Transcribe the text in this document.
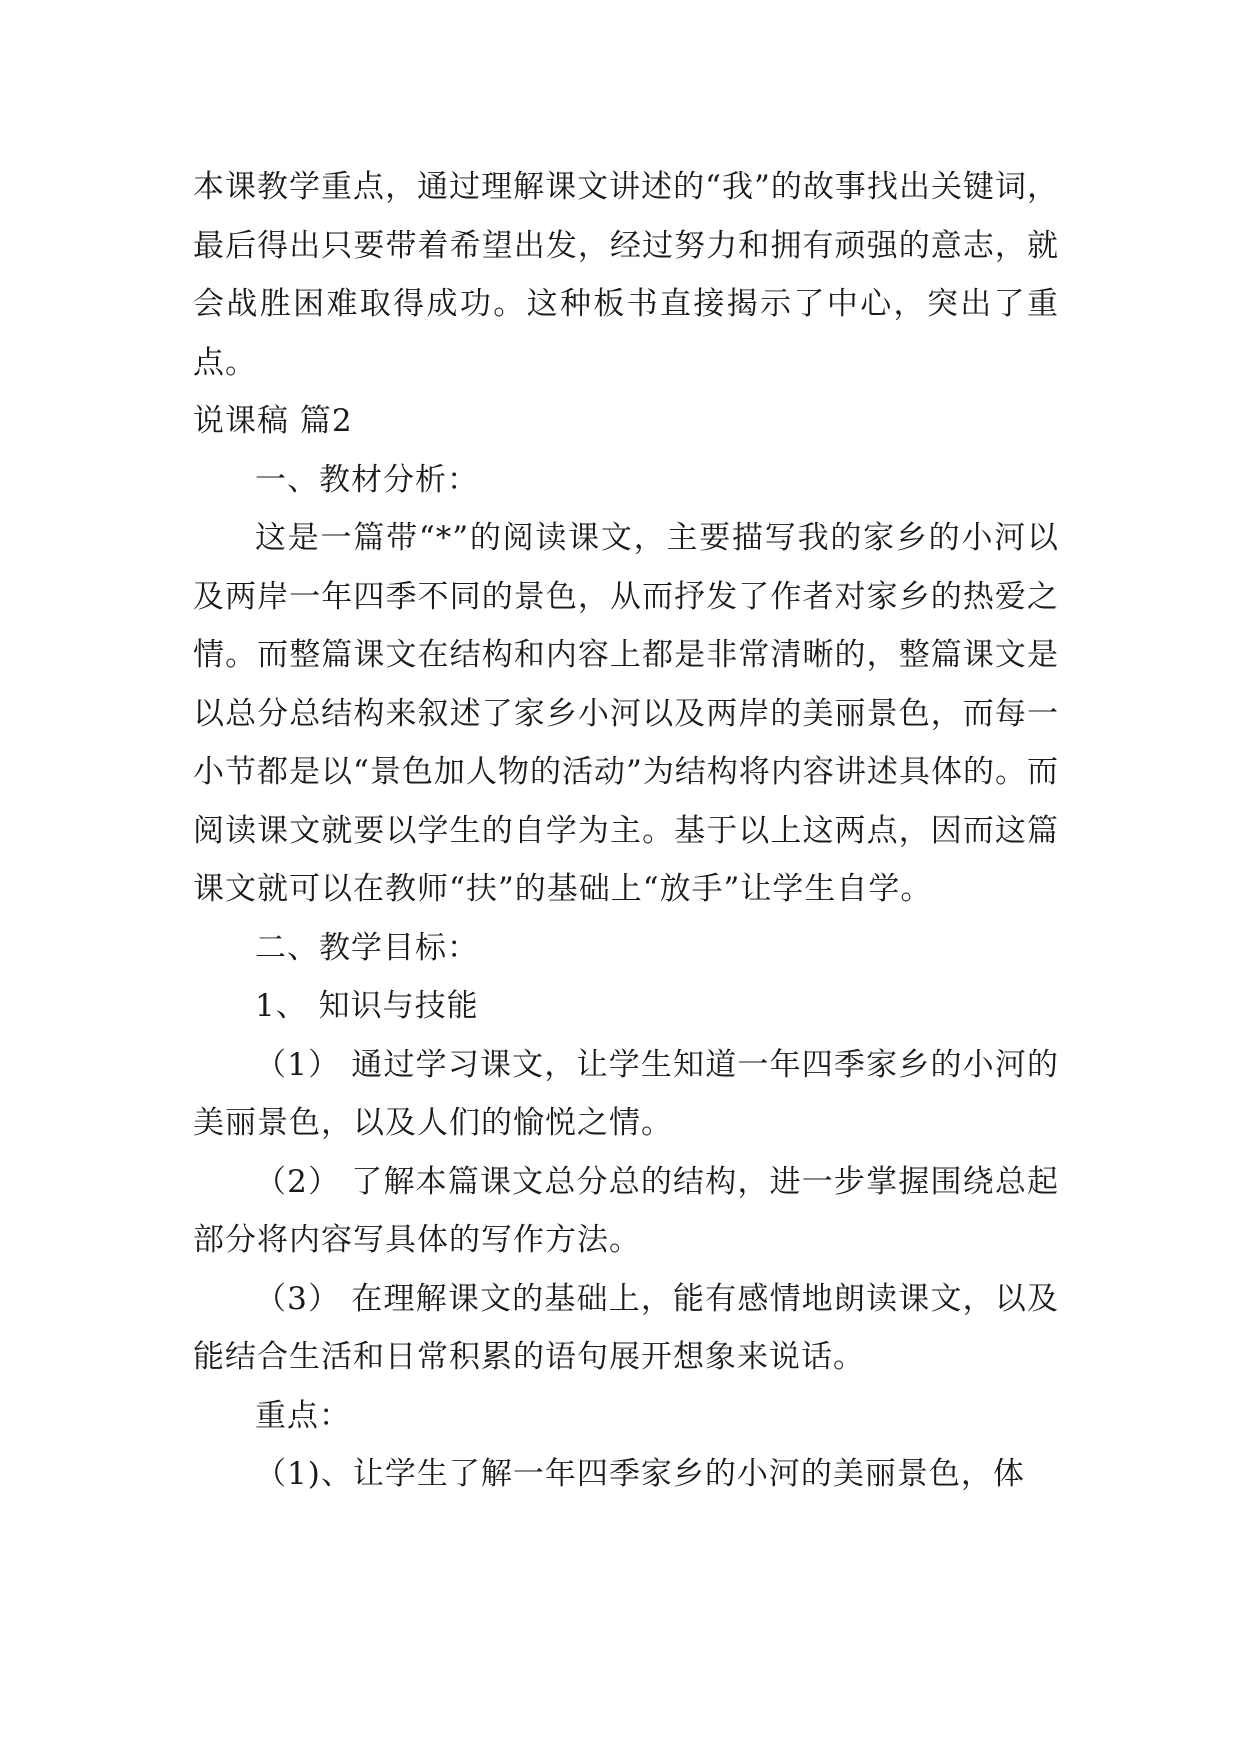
本课教学重点，通过理解课文讲述的“我”的故事找出关键词，最后得出只要带着希望出发，经过努力和拥有顽强的意志，就会战胜困难取得成功。这种板书直接揭示了中心，突出了重点。

说课稿 篇2

一、教材分析：

这是一篇带“*”的阅读课文，主要描写我的家乡的小河以及两岸一年四季不同的景色，从而抒发了作者对家乡的热爱之情。而整篇课文在结构和内容上都是非常清晰的，整篇课文是以总分总结构来叙述了家乡小河以及两岸的美丽景色，而每一小节都是以“景色加人物的活动”为结构将内容讲述具体的。而阅读课文就要以学生的自学为主。基于以上这两点，因而这篇课文就可以在教师“扶”的基础上“放手”让学生自学。

二、教学目标：

1、 知识与技能

（1） 通过学习课文，让学生知道一年四季家乡的小河的美丽景色，以及人们的愉悦之情。

（2） 了解本篇课文总分总的结构，进一步掌握围绕总起部分将内容写具体的写作方法。

（3） 在理解课文的基础上，能有感情地朗读课文，以及能结合生活和日常积累的语句展开想象来说话。

重点：

（1)、让学生了解一年四季家乡的小河的美丽景色，体
